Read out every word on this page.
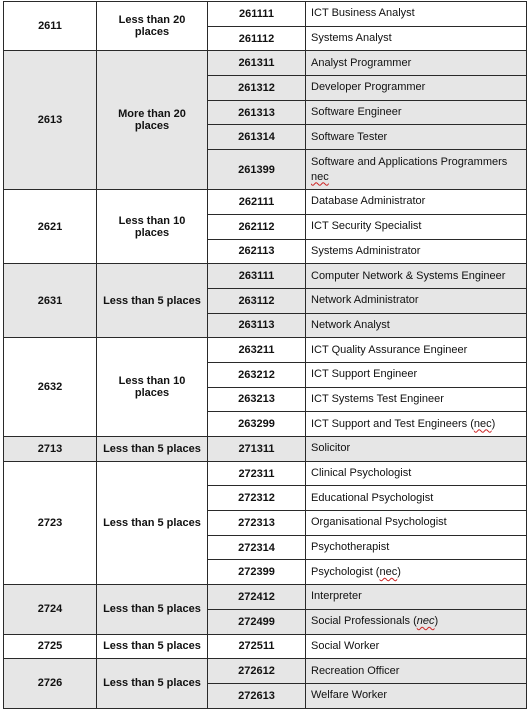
2611	Less than 20 places	261111	ICT Business Analyst
		261112	Systems Analyst
2613	More than 20 places	261311	Analyst Programmer
		261312	Developer Programmer
		261313	Software Engineer
		261314	Software Tester
		261399	Software and Applications Programmers nec
2621	Less than 10 places	262111	Database Administrator
		262112	ICT Security Specialist
		262113	Systems Administrator
2631	Less than 5 places	263111	Computer Network & Systems Engineer
		263112	Network Administrator
		263113	Network Analyst
2632	Less than 10 places	263211	ICT Quality Assurance Engineer
		263212	ICT Support Engineer
		263213	ICT Systems Test Engineer
		263299	ICT Support and Test Engineers (nec)
2713	Less than 5 places	271311	Solicitor
2723	Less than 5 places	272311	Clinical Psychologist
		272312	Educational Psychologist
		272313	Organisational Psychologist
		272314	Psychotherapist
		272399	Psychologist (nec)
2724	Less than 5 places	272412	Interpreter
		272499	Social Professionals (nec)
2725	Less than 5 places	272511	Social Worker
2726	Less than 5 places	272612	Recreation Officer
		272613	Welfare Worker
